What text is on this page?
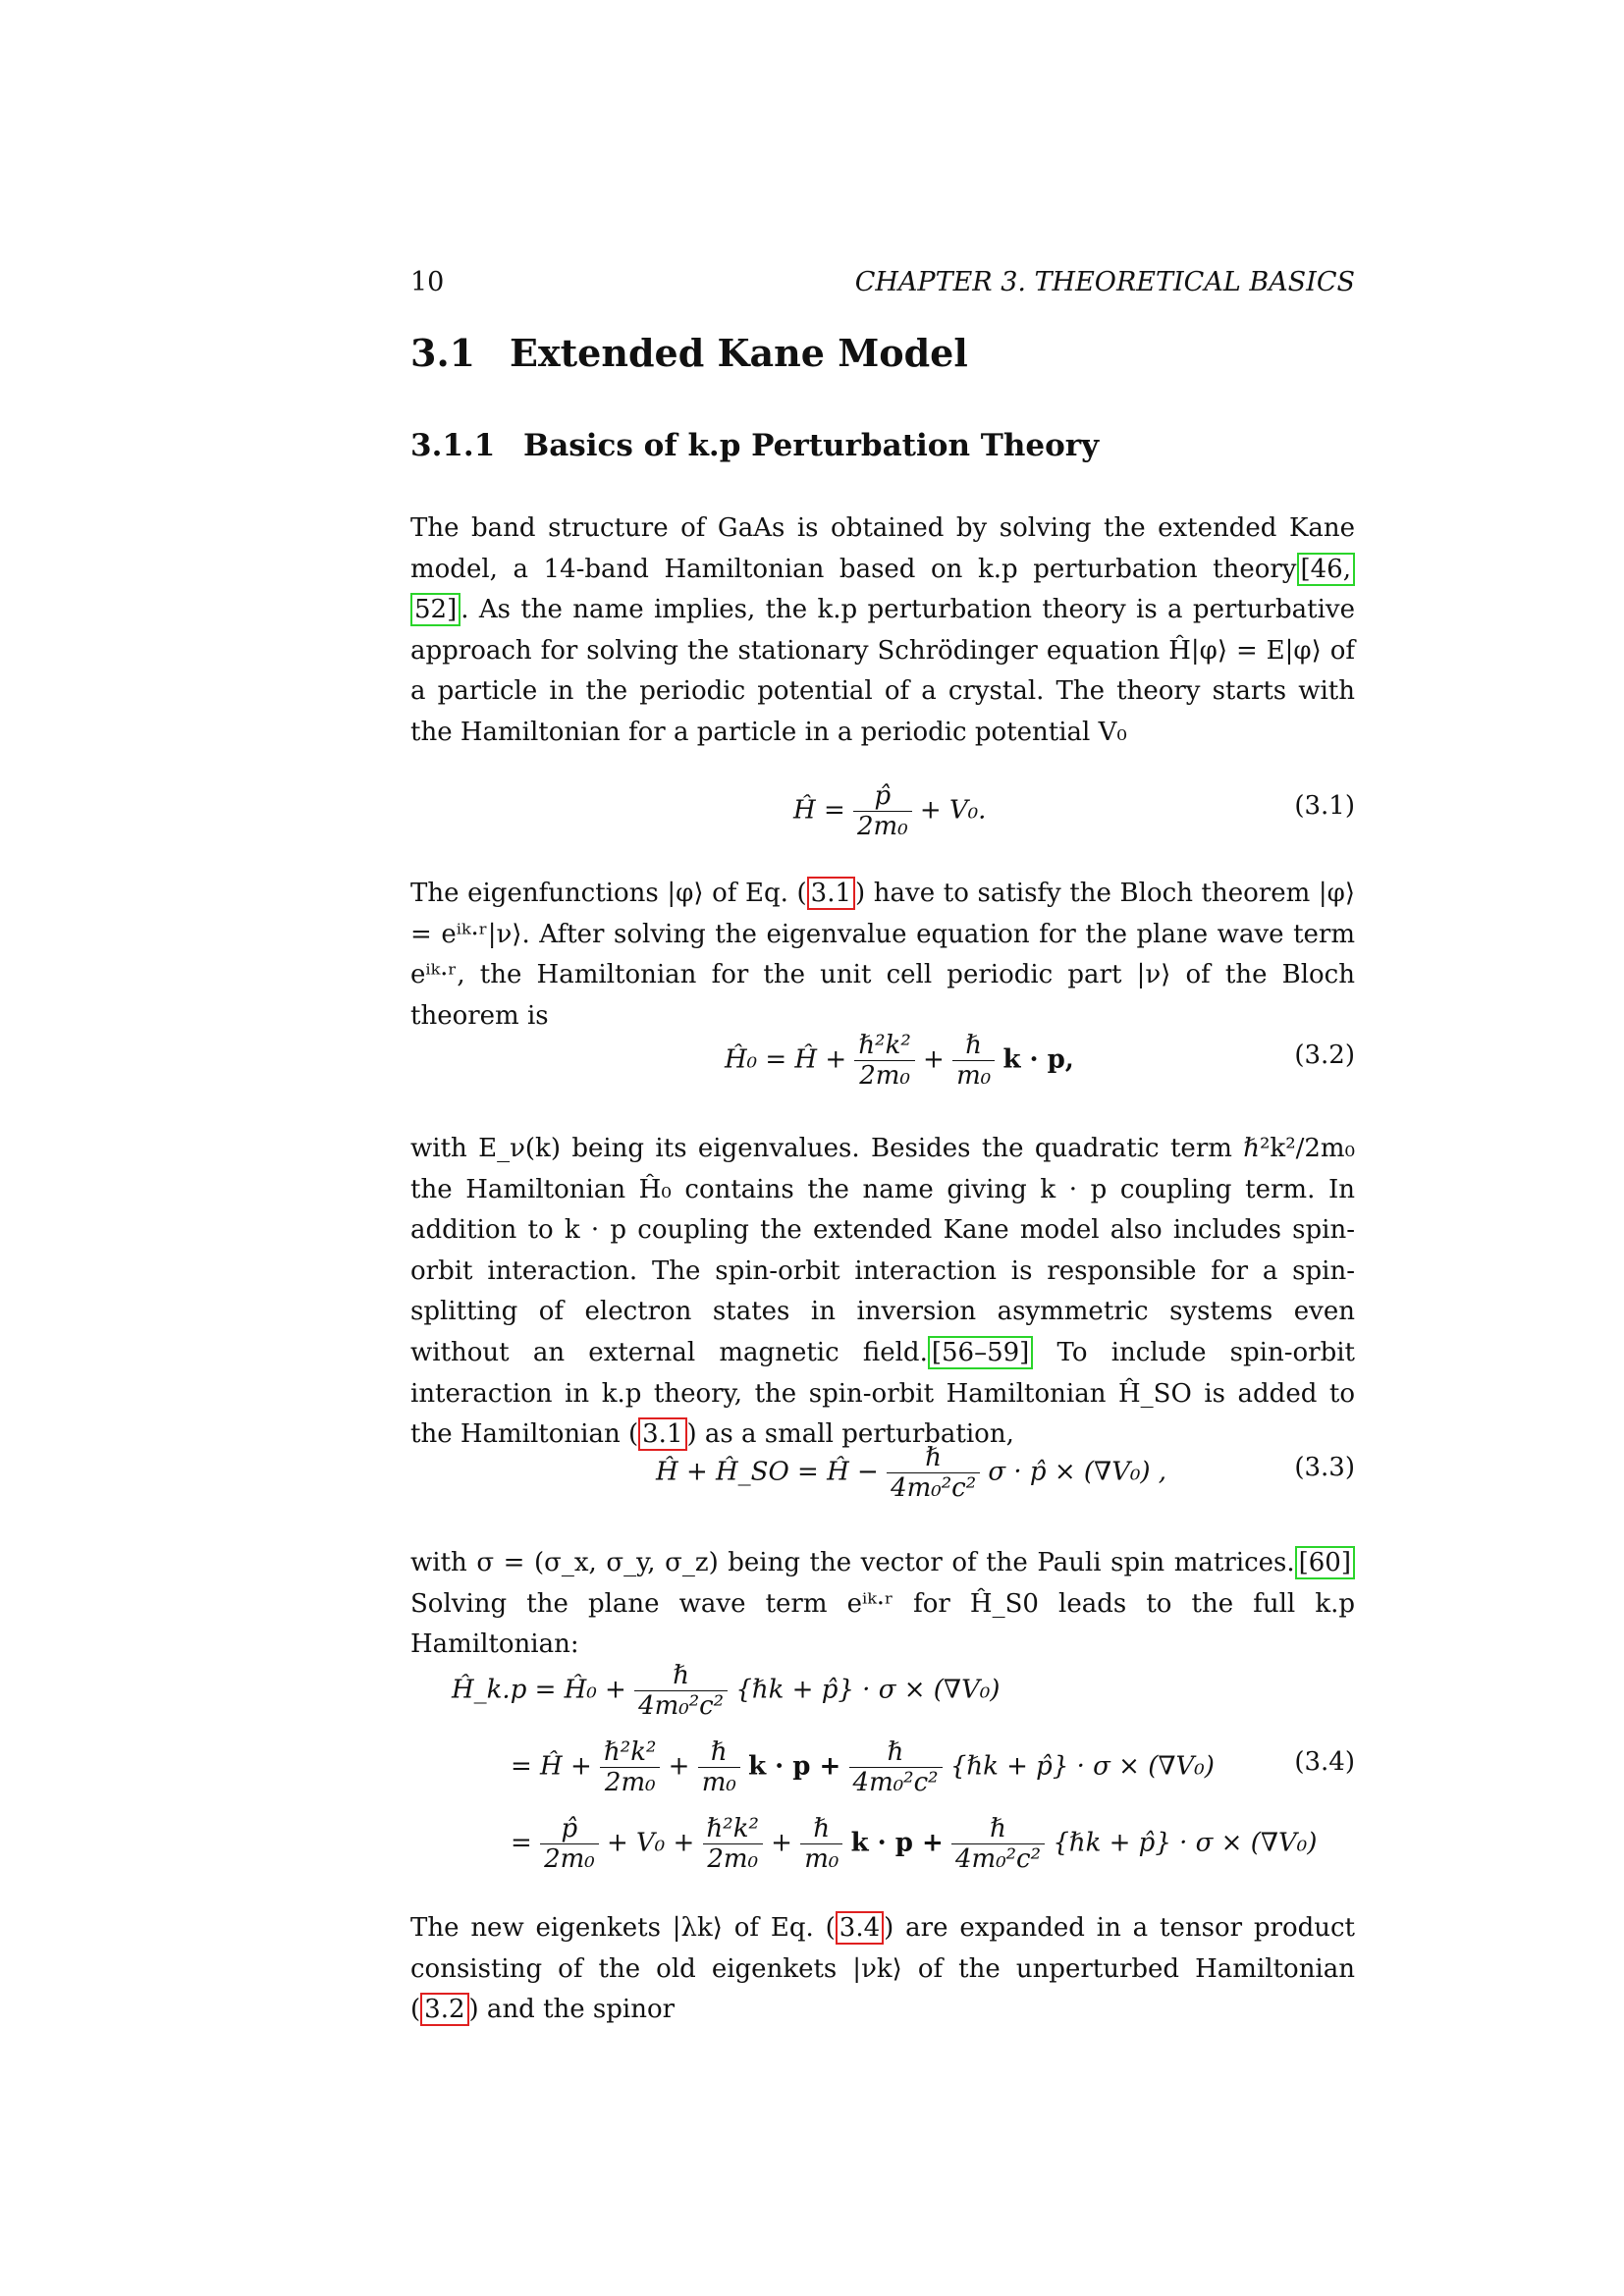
10	CHAPTER 3. THEORETICAL BASICS
3.1 Extended Kane Model
3.1.1 Basics of k.p Perturbation Theory
The band structure of GaAs is obtained by solving the extended Kane model, a 14-band Hamiltonian based on k.p perturbation theory [46, 52] . As the name implies, the k.p perturbation theory is a perturbative approach for solving the stationary Schrödinger equation Ĥ|φ⟩ = E|φ⟩ of a particle in the periodic potential of a crystal. The theory starts with the Hamiltonian for a particle in a periodic potential V₀
Ĥ = $\frac{p̂}{\text{2m₀}} + V_0$.	(3.1)
The eigenfunctions |φ⟩ of Eq. ( 3.1 ) have to satisfy the Bloch theorem |φ⟩ = eⁱᵏ·ʳ|ν⟩. After solving the eigenvalue equation for the plane wave term eⁱᵏ·ʳ, the Hamiltonian for the unit cell periodic part |ν⟩ of the Bloch theorem is
Ĥ₀ = Ĥ + $\frac{\text{ℏ²k²}}{\text{2m₀}} + \frac{\text{ℏ}}{\text{m₀}}$ k · p,	(3.2)
with E_ν(k) being its eigenvalues. Besides the quadratic term ℏ²k²/2m₀ the Hamiltonian Ĥ₀ contains the name giving k · p coupling term. In addition to k · p coupling the extended Kane model also includes spin-orbit interaction. The spin-orbit interaction is responsible for a spin-splitting of electron states in inversion asymmetric systems even without an external magnetic field. [56–59] To include spin-orbit interaction in k.p theory, the spin-orbit Hamiltonian Ĥ_SO is added to the Hamiltonian ( 3.1 ) as a small perturbation,
Ĥ + Ĥ_SO = Ĥ − $\frac{\text{ℏ}}{\text{4m₀²c²}}$ σ · p̂ × (∇V₀) ,	(3.3)
with σ = (σ_x, σ_y, σ_z) being the vector of the Pauli spin matrices. [60] Solving the plane wave term eⁱᵏ·ʳ for Ĥ_S0 leads to the full k.p Hamiltonian:
Ĥ_k.p = Ĥ₀ + $\frac{\text{ℏ}}{\text{4m₀²c²}}$ {ℏk + p̂} · σ × (∇V₀)
= Ĥ + $\frac{\text{ℏ²k²}}{\text{2m₀}} + \frac{\text{ℏ}}{\text{m₀}}$ $k \cdot p + \frac{\text{ℏ}}{\text{4m₀²c²}}$ {ℏk + p̂} · σ × (∇V₀)
= $\frac{p̂}{\text{2m₀}} + V_0 + \frac{\text{ℏ²k²}}{\text{2m₀}} + \frac{\text{ℏ}}{\text{m₀}}$ $k \cdot p + \frac{\text{ℏ}}{\text{4m₀²c²}}$ {ℏk + p̂} · σ × (∇V₀)
(3.4)
The new eigenkets |λk⟩ of Eq. ( 3.4 ) are expanded in a tensor product consisting of the old eigenkets |νk⟩ of the unperturbed Hamiltonian ( 3.2 ) and the spinor
